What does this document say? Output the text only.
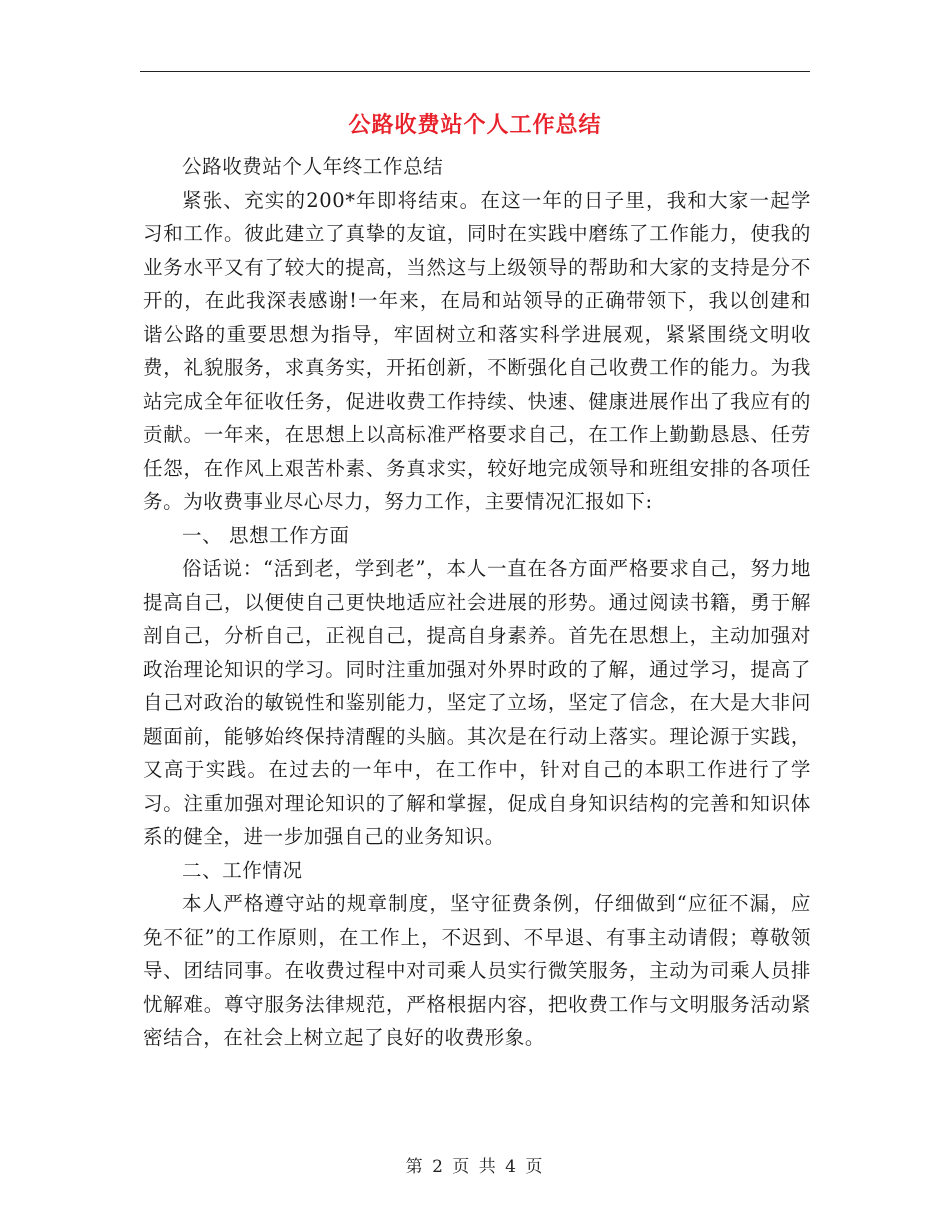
公路收费站个人工作总结

公路收费站个人年终工作总结

紧张、充实的200*年即将结束。在这一年的日子里，我和大家一起学习和工作。彼此建立了真挚的友谊，同时在实践中磨练了工作能力，使我的业务水平又有了较大的提高，当然这与上级领导的帮助和大家的支持是分不开的，在此我深表感谢!一年来，在局和站领导的正确带领下，我以创建和谐公路的重要思想为指导，牢固树立和落实科学进展观，紧紧围绕文明收费，礼貌服务，求真务实，开拓创新，不断强化自己收费工作的能力。为我站完成全年征收任务，促进收费工作持续、快速、健康进展作出了我应有的贡献。一年来，在思想上以高标准严格要求自己，在工作上勤勤恳恳、任劳任怨，在作风上艰苦朴素、务真求实，较好地完成领导和班组安排的各项任务。为收费事业尽心尽力，努力工作，主要情况汇报如下:

一、 思想工作方面

俗话说：“活到老，学到老”，本人一直在各方面严格要求自己，努力地提高自己，以便使自己更快地适应社会进展的形势。通过阅读书籍，勇于解剖自己，分析自己，正视自己，提高自身素养。首先在思想上，主动加强对政治理论知识的学习。同时注重加强对外界时政的了解，通过学习，提高了自己对政治的敏锐性和鉴别能力，坚定了立场，坚定了信念，在大是大非问题面前，能够始终保持清醒的头脑。其次是在行动上落实。理论源于实践，又高于实践。在过去的一年中，在工作中，针对自己的本职工作进行了学习。注重加强对理论知识的了解和掌握，促成自身知识结构的完善和知识体系的健全，进一步加强自己的业务知识。

二、工作情况

本人严格遵守站的规章制度，坚守征费条例，仔细做到“应征不漏，应免不征”的工作原则，在工作上，不迟到、不早退、有事主动请假；尊敬领导、团结同事。在收费过程中对司乘人员实行微笑服务，主动为司乘人员排忧解难。尊守服务法律规范，严格根据内容，把收费工作与文明服务活动紧密结合，在社会上树立起了良好的收费形象。

第 2 页 共 4 页
